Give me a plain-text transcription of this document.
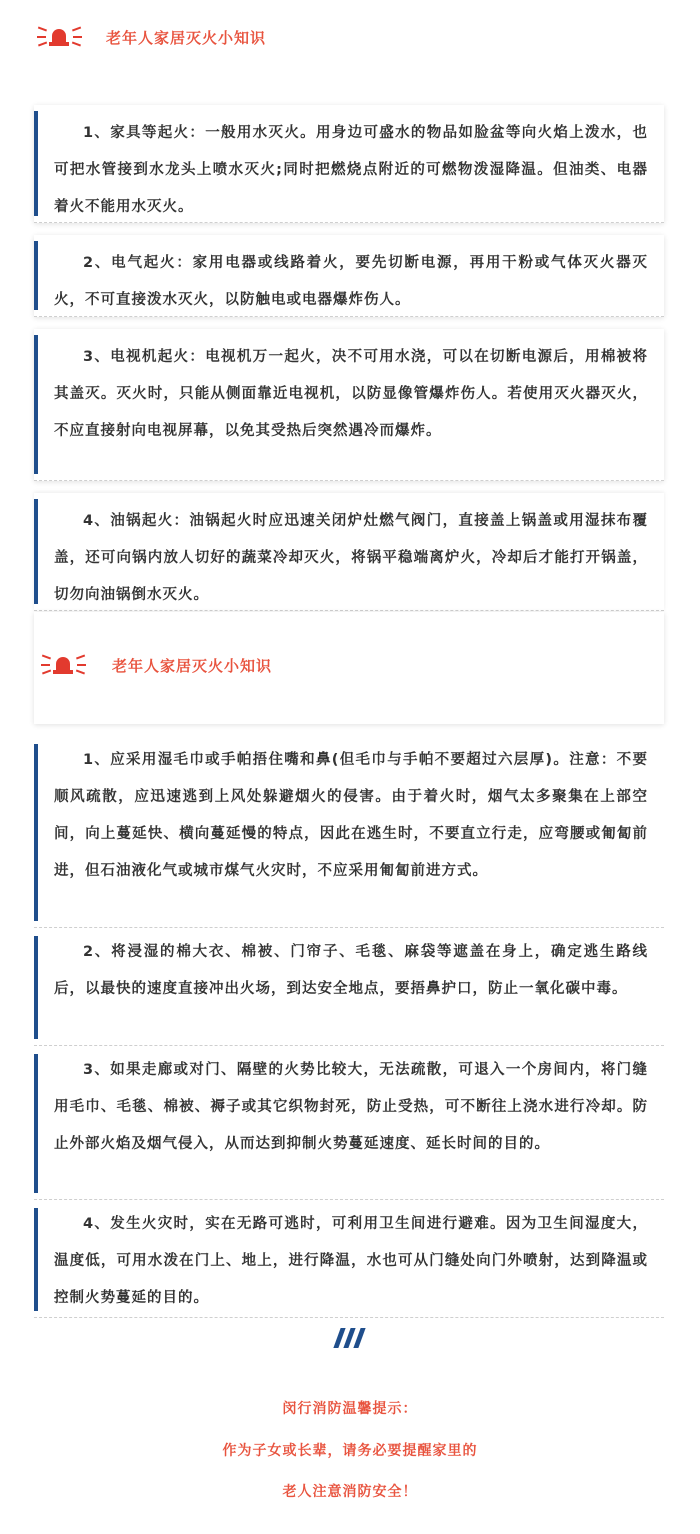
老年人家居灭火小知识

1、家具等起火：一般用水灭火。用身边可盛水的物品如脸盆等向火焰上泼水，也可把水管接到水龙头上喷水灭火;同时把燃烧点附近的可燃物泼湿降温。但油类、电器着火不能用水灭火。

2、电气起火：家用电器或线路着火，要先切断电源，再用干粉或气体灭火器灭火，不可直接泼水灭火，以防触电或电器爆炸伤人。

3、电视机起火：电视机万一起火，决不可用水浇，可以在切断电源后，用棉被将其盖灭。灭火时，只能从侧面靠近电视机，以防显像管爆炸伤人。若使用灭火器灭火，不应直接射向电视屏幕，以免其受热后突然遇冷而爆炸。

4、油锅起火：油锅起火时应迅速关闭炉灶燃气阀门，直接盖上锅盖或用湿抹布覆盖，还可向锅内放人切好的蔬菜冷却灭火，将锅平稳端离炉火，冷却后才能打开锅盖，切勿向油锅倒水灭火。

老年人家居灭火小知识

1、应采用湿毛巾或手帕捂住嘴和鼻(但毛巾与手帕不要超过六层厚)。注意：不要顺风疏散，应迅速逃到上风处躲避烟火的侵害。由于着火时，烟气太多聚集在上部空间，向上蔓延快、横向蔓延慢的特点，因此在逃生时，不要直立行走，应弯腰或匍匐前进，但石油液化气或城市煤气火灾时，不应采用匍匐前进方式。

2、将浸湿的棉大衣、棉被、门帘子、毛毯、麻袋等遮盖在身上，确定逃生路线后，以最快的速度直接冲出火场，到达安全地点，要捂鼻护口，防止一氧化碳中毒。

3、如果走廊或对门、隔壁的火势比较大，无法疏散，可退入一个房间内，将门缝用毛巾、毛毯、棉被、褥子或其它织物封死，防止受热，可不断往上浇水进行冷却。防止外部火焰及烟气侵入，从而达到抑制火势蔓延速度、延长时间的目的。

4、发生火灾时，实在无路可逃时，可利用卫生间进行避难。因为卫生间湿度大，温度低，可用水泼在门上、地上，进行降温，水也可从门缝处向门外喷射，达到降温或控制火势蔓延的目的。

闵行消防温馨提示：

作为子女或长辈，请务必要提醒家里的

老人注意消防安全！
